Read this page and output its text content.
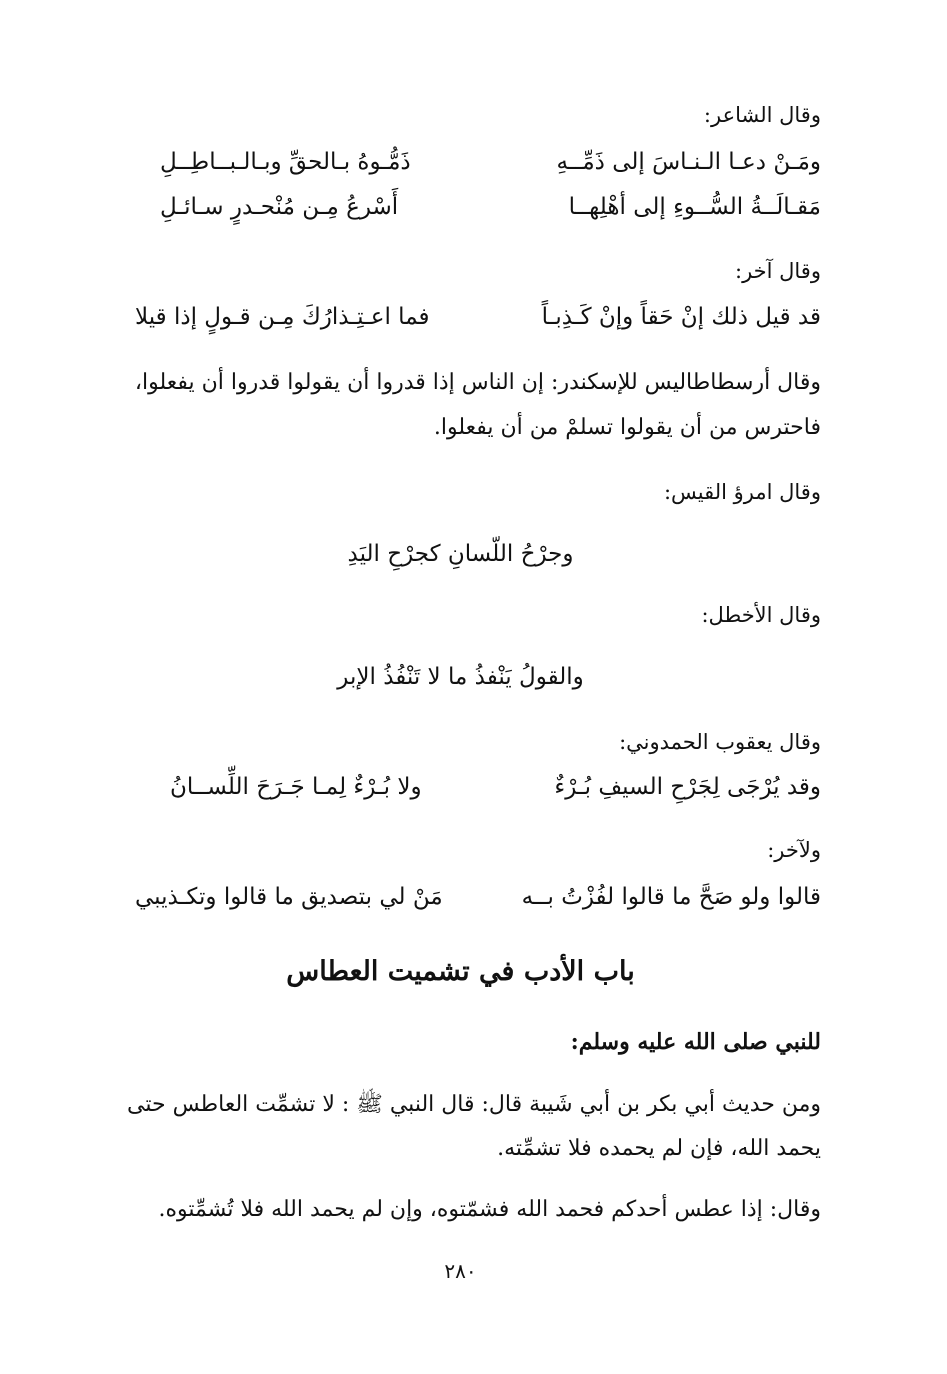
وقال الشاعر:
ومَـنْ دعـا الـنـاسَ إلى ذَمِّــهِ
ذَمُّـوهُ بـالحقِّ وبـالـبــاطِــلِ
مَقـالَــةُ السُّــوءِ إلى أهْلِهــا
أَسْرعُ مِـن مُنْحـدرٍ سـائـلِ
وقال آخر:
قد قيل ذلك إنْ حَقاً وإنْ كَـذِبـاً
فما اعـتِـذارُكَ مِـن قـولٍ إذا قيلا
وقال أرسطاطاليس للإسكندر: إن الناس إذا قدروا أن يقولوا قدروا أن يفعلوا،
فاحترس من أن يقولوا تسلمْ من أن يفعلوا.
وقال امرؤ القيس:
وجرْحُ اللّسانِ كجرْحِ اليَدِ
وقال الأخطل:
والقولُ يَنْفذُ ما لا تَنْفُذُ الإبر
وقال يعقوب الحمدوني:
وقد يُرْجَى لِجَرْحِ السيفِ بُـرْءٌ
ولا بُـرْءٌ لِمـا جَـرَحَ اللِّســانُ
ولآخر:
قالوا ولو صَحَّ ما قالوا لفُزْتُ بــه
مَنْ لي بتصديق ما قالوا وتكـذيبي
باب الأدب في تشميت العطاس
للنبي صلى الله عليه وسلم:
ومن حديث أبي بكر بن أبي شَيبة قال: قال النبي ﷺ : لا تشمِّت العاطس حتى
يحمد الله، فإن لم يحمده فلا تشمِّته.
وقال: إذا عطس أحدكم فحمد الله فشمّتوه، وإن لم يحمد الله فلا تُشمِّتوه.
٢٨٠
